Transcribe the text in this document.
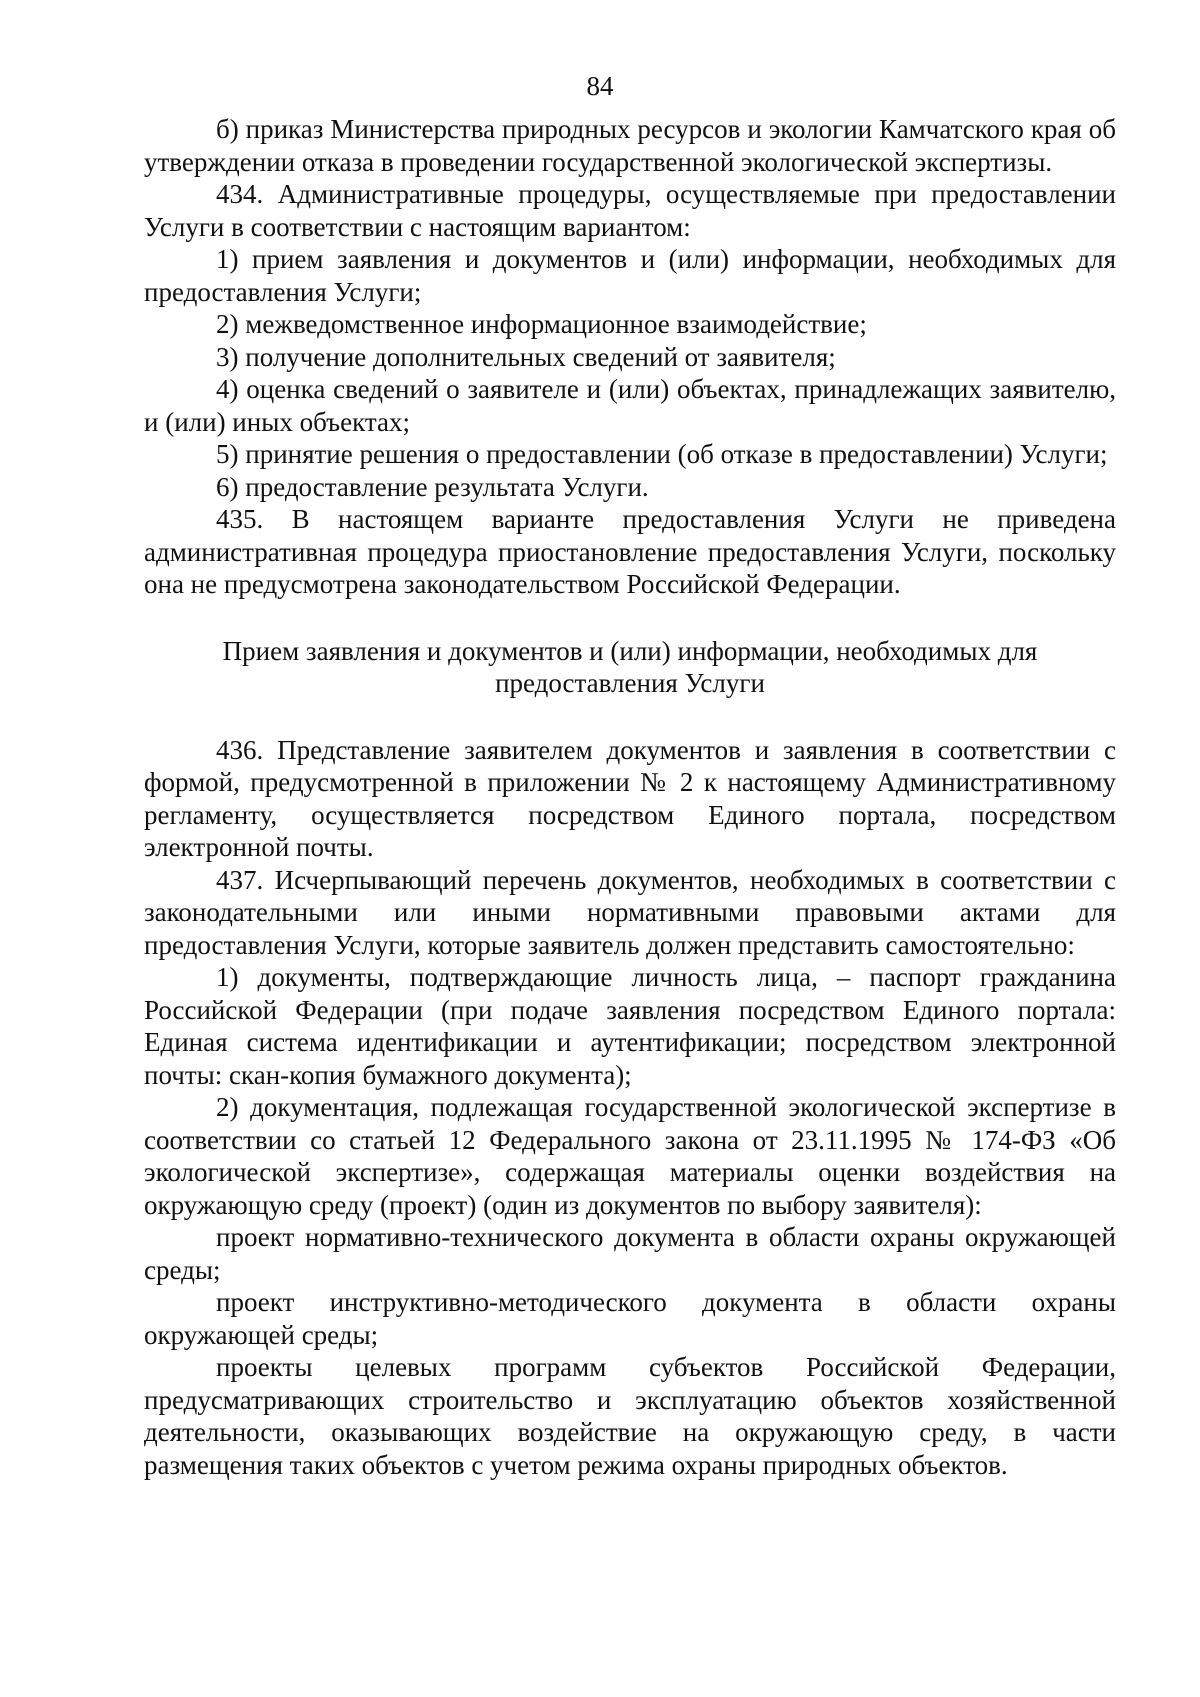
84

б) приказ Министерства природных ресурсов и экологии Камчатского края об утверждении отказа в проведении государственной экологической экспертизы.

434. Административные процедуры, осуществляемые при предоставлении Услуги в соответствии с настоящим вариантом:

1) прием заявления и документов и (или) информации, необходимых для предоставления Услуги;

2) межведомственное информационное взаимодействие;

3) получение дополнительных сведений от заявителя;

4) оценка сведений о заявителе и (или) объектах, принадлежащих заявителю, и (или) иных объектах;

5) принятие решения о предоставлении (об отказе в предоставлении) Услуги;

6) предоставление результата Услуги.

435. В настоящем варианте предоставления Услуги не приведена административная процедура приостановление предоставления Услуги, поскольку она не предусмотрена законодательством Российской Федерации.

Прием заявления и документов и (или) информации, необходимых для
предоставления Услуги

436. Представление заявителем документов и заявления в соответствии с формой, предусмотренной в приложении № 2 к настоящему Административному регламенту, осуществляется посредством Единого портала, посредством электронной почты.

437. Исчерпывающий перечень документов, необходимых в соответствии с законодательными или иными нормативными правовыми актами для предоставления Услуги, которые заявитель должен представить самостоятельно:

1) документы, подтверждающие личность лица, – паспорт гражданина Российской Федерации (при подаче заявления посредством Единого портала: Единая система идентификации и аутентификации; посредством электронной почты: скан-копия бумажного документа);

2) документация, подлежащая государственной экологической экспертизе в соответствии со статьей 12 Федерального закона от 23.11.1995 № 174-ФЗ «Об экологической экспертизе», содержащая материалы оценки воздействия на окружающую среду (проект) (один из документов по выбору заявителя):

проект нормативно-технического документа в области охраны окружающей среды;

проект инструктивно-методического документа в области охраны окружающей среды;

проекты целевых программ субъектов Российской Федерации, предусматривающих строительство и эксплуатацию объектов хозяйственной деятельности, оказывающих воздействие на окружающую среду, в части размещения таких объектов с учетом режима охраны природных объектов.
